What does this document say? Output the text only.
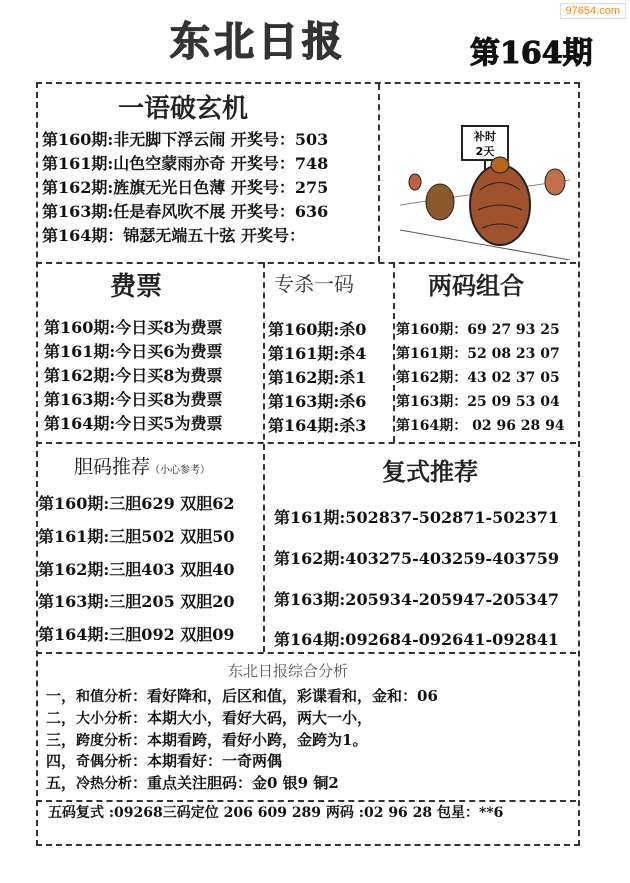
97654.com
东北日报	第164期
一语破玄机
第160期:非无脚下浮云闹 开奖号：503
第161期:山色空蒙雨亦奇 开奖号：748
第162期:旌旗无光日色薄 开奖号：275
第163期:任是春风吹不展 开奖号：636
第164期：锦瑟无端五十弦 开奖号：
补时
2天
费票
第160期:今日买8为费票
第161期:今日买6为费票
第162期:今日买8为费票
第163期:今日买8为费票
第164期:今日买5为费票
专杀一码
第160期:杀0
第161期:杀4
第162期:杀1
第163期:杀6
第164期:杀3
两码组合
第160期：69 27 93 25
第161期：52 08 23 07
第162期：43 02 37 05
第163期：25 09 53 04
第164期： 02 96 28 94
胆码推荐（小心参考）
第160期:三胆629 双胆62
第161期:三胆502 双胆50
第162期:三胆403 双胆40
第163期:三胆205 双胆20
第164期:三胆092 双胆09
复式推荐
第161期:502837-502871-502371
第162期:403275-403259-403759
第163期:205934-205947-205347
第164期:092684-092641-092841
东北日报综合分析
一，和值分析：看好降和，后区和值，彩谍看和，金和：06
二，大小分析：本期大小，看好大码，两大一小，
三，跨度分析：本期看跨，看好小跨，金跨为1。
四，奇偶分析：本期看好：一奇两偶
五，冷热分析：重点关注胆码：金0 银9 铜2
五码复式 :09268三码定位 206 609 289 两码 :02 96 28 包星：**6
